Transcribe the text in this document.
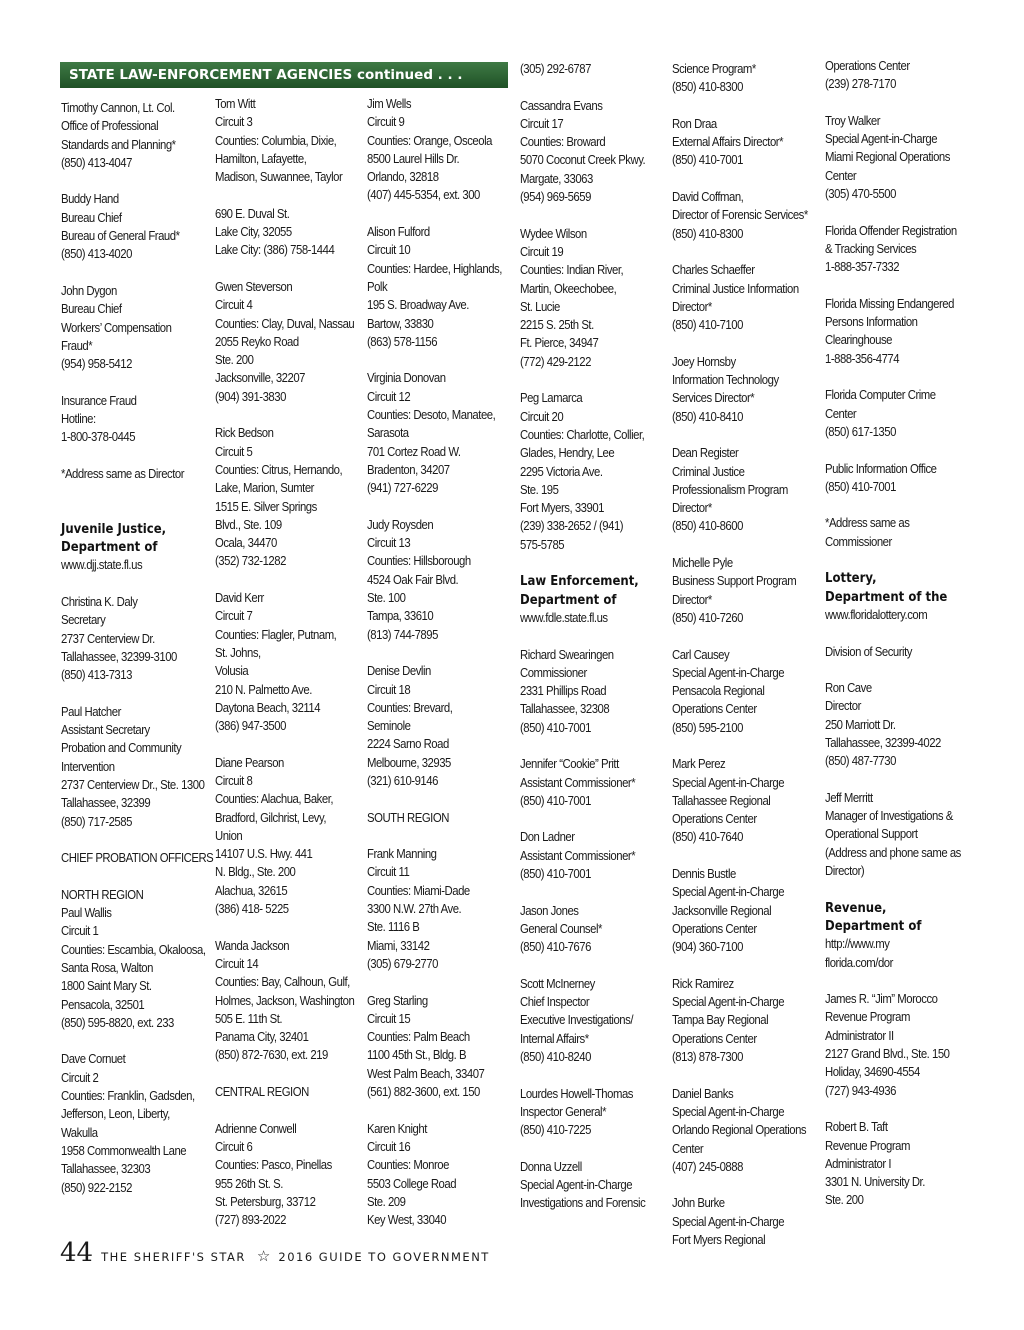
STATE LAW-ENFORCEMENT AGENCIES continued . . .

Timothy Cannon, Lt. Col.

Office of Professional

Standards and Planning*

(850) 413-4047

Buddy Hand

Bureau Chief

Bureau of General Fraud*

(850) 413-4020

John Dygon

Bureau Chief

Workers’ Compensation

Fraud*

(954) 958-5412

Insurance Fraud

Hotline:

1-800-378-0445

*Address same as Director

Juvenile Justice,

Department of

www.djj.state.fl.us

Christina K. Daly

Secretary

2737 Centerview Dr.

Tallahassee, 32399-3100

(850) 413-7313

Paul Hatcher

Assistant Secretary

Probation and Community

Intervention

2737 Centerview Dr., Ste. 1300

Tallahassee, 32399

(850) 717-2585

CHIEF PROBATION OFFICERS

NORTH REGION

Paul Wallis

Circuit 1

Counties: Escambia, Okaloosa,

Santa Rosa, Walton

1800 Saint Mary St.

Pensacola, 32501

(850) 595-8820, ext. 233

Dave Cornuet

Circuit 2

Counties: Franklin, Gadsden,

Jefferson, Leon, Liberty,

Wakulla

1958 Commonwealth Lane

Tallahassee, 32303

(850) 922-2152

Tom Witt

Circuit 3

Counties: Columbia, Dixie,

Hamilton, Lafayette,

Madison, Suwannee, Taylor

690 E. Duval St.

Lake City, 32055

Lake City: (386) 758-1444

Gwen Steverson

Circuit 4

Counties: Clay, Duval, Nassau

2055 Reyko Road

Ste. 200

Jacksonville, 32207

(904) 391-3830

Rick Bedson

Circuit 5

Counties: Citrus, Hernando,

Lake, Marion, Sumter

1515 E. Silver Springs

Blvd., Ste. 109

Ocala, 34470

(352) 732-1282

David Kerr

Circuit 7

Counties: Flagler, Putnam,

St. Johns,

Volusia

210 N. Palmetto Ave.

Daytona Beach, 32114

(386) 947-3500

Diane Pearson

Circuit 8

Counties: Alachua, Baker,

Bradford, Gilchrist, Levy,

Union

14107 U.S. Hwy. 441

N. Bldg., Ste. 200

Alachua, 32615

(386) 418- 5225

Wanda Jackson

Circuit 14

Counties: Bay, Calhoun, Gulf,

Holmes, Jackson, Washington

505 E. 11th St.

Panama City, 32401

(850) 872-7630, ext. 219

CENTRAL REGION

Adrienne Conwell

Circuit 6

Counties: Pasco, Pinellas

955 26th St. S.

St. Petersburg, 33712

(727) 893-2022

Jim Wells

Circuit 9

Counties: Orange, Osceola

8500 Laurel Hills Dr.

Orlando, 32818

(407) 445-5354, ext. 300

Alison Fulford

Circuit 10

Counties: Hardee, Highlands,

Polk

195 S. Broadway Ave.

Bartow, 33830

(863) 578-1156

Virginia Donovan

Circuit 12

Counties: Desoto, Manatee,

Sarasota

701 Cortez Road W.

Bradenton, 34207

(941) 727-6229

Judy Roysden

Circuit 13

Counties: Hillsborough

4524 Oak Fair Blvd.

Ste. 100

Tampa, 33610

(813) 744-7895

Denise Devlin

Circuit 18

Counties: Brevard,

Seminole

2224 Sarno Road

Melbourne, 32935

(321) 610-9146

SOUTH REGION

Frank Manning

Circuit 11

Counties: Miami-Dade

3300 N.W. 27th Ave.

Ste. 1116 B

Miami, 33142

(305) 679-2770

Greg Starling

Circuit 15

Counties: Palm Beach

1100 45th St., Bldg. B

West Palm Beach, 33407

(561) 882-3600, ext. 150

Karen Knight

Circuit 16

Counties: Monroe

5503 College Road

Ste. 209

Key West, 33040

(305) 292-6787

Cassandra Evans

Circuit 17

Counties: Broward

5070 Coconut Creek Pkwy.

Margate, 33063

(954) 969-5659

Wydee Wilson

Circuit 19

Counties: Indian River,

Martin, Okeechobee,

St. Lucie

2215 S. 25th St.

Ft. Pierce, 34947

(772) 429-2122

Peg Lamarca

Circuit 20

Counties: Charlotte, Collier,

Glades, Hendry, Lee

2295 Victoria Ave.

Ste. 195

Fort Myers, 33901

(239) 338-2652 / (941)

575-5785

Law Enforcement,

Department of

www.fdle.state.fl.us

Richard Swearingen

Commissioner

2331 Phillips Road

Tallahassee, 32308

(850) 410-7001

Jennifer “Cookie” Pritt

Assistant Commissioner*

(850) 410-7001

Don Ladner

Assistant Commissioner*

(850) 410-7001

Jason Jones

General Counsel*

(850) 410-7676

Scott McInerney

Chief Inspector

Executive Investigations/

Internal Affairs*

(850) 410-8240

Lourdes Howell-Thomas

Inspector General*

(850) 410-7225

Donna Uzzell

Special Agent-in-Charge

Investigations and Forensic

Science Program*

(850) 410-8300

Ron Draa

External Affairs Director*

(850) 410-7001

David Coffman,

Director of Forensic Services*

(850) 410-8300

Charles Schaeffer

Criminal Justice Information

Director*

(850) 410-7100

Joey Hornsby

Information Technology

Services Director*

(850) 410-8410

Dean Register

Criminal Justice

Professionalism Program

Director*

(850) 410-8600

Michelle Pyle

Business Support Program

Director*

(850) 410-7260

Carl Causey

Special Agent-in-Charge

Pensacola Regional

Operations Center

(850) 595-2100

Mark Perez

Special Agent-in-Charge

Tallahassee Regional

Operations Center

(850) 410-7640

Dennis Bustle

Special Agent-in-Charge

Jacksonville Regional

Operations Center

(904) 360-7100

Rick Ramirez

Special Agent-in-Charge

Tampa Bay Regional

Operations Center

(813) 878-7300

Daniel Banks

Special Agent-in-Charge

Orlando Regional Operations

Center

(407) 245-0888

John Burke

Special Agent-in-Charge

Fort Myers Regional

Operations Center

(239) 278-7170

Troy Walker

Special Agent-in-Charge

Miami Regional Operations

Center

(305) 470-5500

Florida Offender Registration

& Tracking Services

1-888-357-7332

Florida Missing Endangered

Persons Information

Clearinghouse

1-888-356-4774

Florida Computer Crime

Center

(850) 617-1350

Public Information Office

(850) 410-7001

*Address same as

Commissioner

Lottery,

Department of the

www.floridalottery.com

Division of Security

Ron Cave

Director

250 Marriott Dr.

Tallahassee, 32399-4022

(850) 487-7730

Jeff Merritt

Manager of Investigations &

Operational Support

(Address and phone same as

Director)

Revenue,

Department of

http://www.my

florida.com/dor

James R. “Jim” Morocco

Revenue Program

Administrator II

2127 Grand Blvd., Ste. 150

Holiday, 34690-4554

(727) 943-4936

Robert B. Taft

Revenue Program

Administrator I

3301 N. University Dr.

Ste. 200

44 THE SHERIFF'S STAR ☆ 2016 GUIDE TO GOVERNMENT
